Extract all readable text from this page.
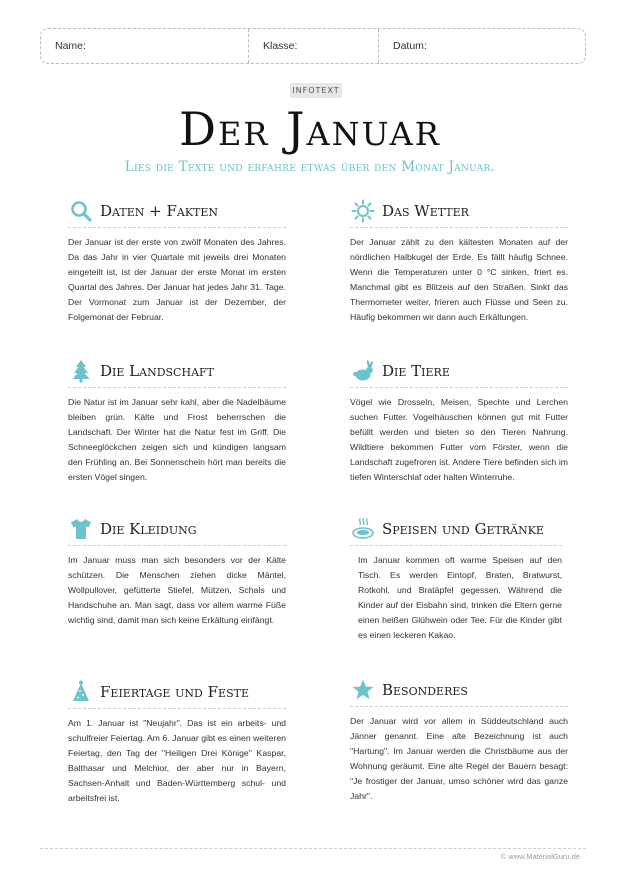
Name:	Klasse:	Datum:
INFOTEXT
Der Januar
Lies die Texte und erfahre etwas über den Monat Januar.
Daten + Fakten
Der Januar ist der erste von zwölf Monaten des Jahres. Da das Jahr in vier Quartale mit jeweils drei Monaten eingeteilt ist, ist der Januar der erste Monat im ersten Quartal des Jahres. Der Januar hat jedes Jahr 31. Tage. Der Vormonat zum Januar ist der Dezember, der Folgemonat der Februar.
Das Wetter
Der Januar zählt zu den kältesten Monaten auf der nördlichen Halbkugel der Erde. Es fällt häufig Schnee. Wenn die Temperaturen unter 0 °C sinken, friert es. Manchmal gibt es Blitzeis auf den Straßen. Sinkt das Thermometer weiter, frieren auch Flüsse und Seen zu. Häufig bekommen wir dann auch Erkältungen.
Die Landschaft
Die Natur ist im Januar sehr kahl, aber die Nadelbäume bleiben grün. Kälte und Frost beherrschen die Landschaft. Der Winter hat die Natur fest im Griff. Die Schneeglöckchen zeigen sich und kündigen langsam den Frühling an. Bei Sonnenschein hört man bereits die ersten Vögel singen.
Die Tiere
Vögel wie Drosseln, Meisen, Spechte und Lerchen suchen Futter. Vogelhäuschen können gut mit Futter befüllt werden und bieten so den Tieren Nahrung. Wildtiere bekommen Futter vom Förster, wenn die Landschaft zugefroren ist. Andere Tiere befinden sich im tiefen Winterschlaf oder halten Winterruhe.
Die Kleidung
Im Januar muss man sich besonders vor der Kälte schützen. Die Menschen ziehen dicke Mäntel, Wollpullover, gefütterte Stiefel, Mützen, Schals und Handschuhe an. Man sagt, dass vor allem warme Füße wichtig sind, damit man sich keine Erkältung einfängt.
Speisen und Getränke
Im Januar kommen oft warme Speisen auf den Tisch. Es werden Eintopf, Braten, Bratwurst, Rotkohl, und Bratäpfel gegessen. Während die Kinder auf der Eisbahn sind, trinken die Eltern gerne einen heißen Glühwein oder Tee. Für die Kinder gibt es einen leckeren Kakao.
Feiertage und Feste
Am 1. Januar ist "Neujahr". Das ist ein arbeits- und schulfreier Feiertag. Am 6. Januar gibt es einen weiteren Feiertag, den Tag der "Heiligen Drei Könige" Kaspar, Balthasar und Melchior, der aber nur in Bayern, Sachsen-Anhalt und Baden-Württemberg schul- und arbeitsfrei ist.
Besonderes
Der Januar wird vor allem in Süddeutschland auch Jänner genannt. Eine alte Bezeichnung ist auch "Hartung". Im Januar werden die Christbäume aus der Wohnung geräumt. Eine alte Regel der Bauern besagt: "Je frostiger der Januar, umso schöner wird das ganze Jahr".
© www.MaterialGuru.de
